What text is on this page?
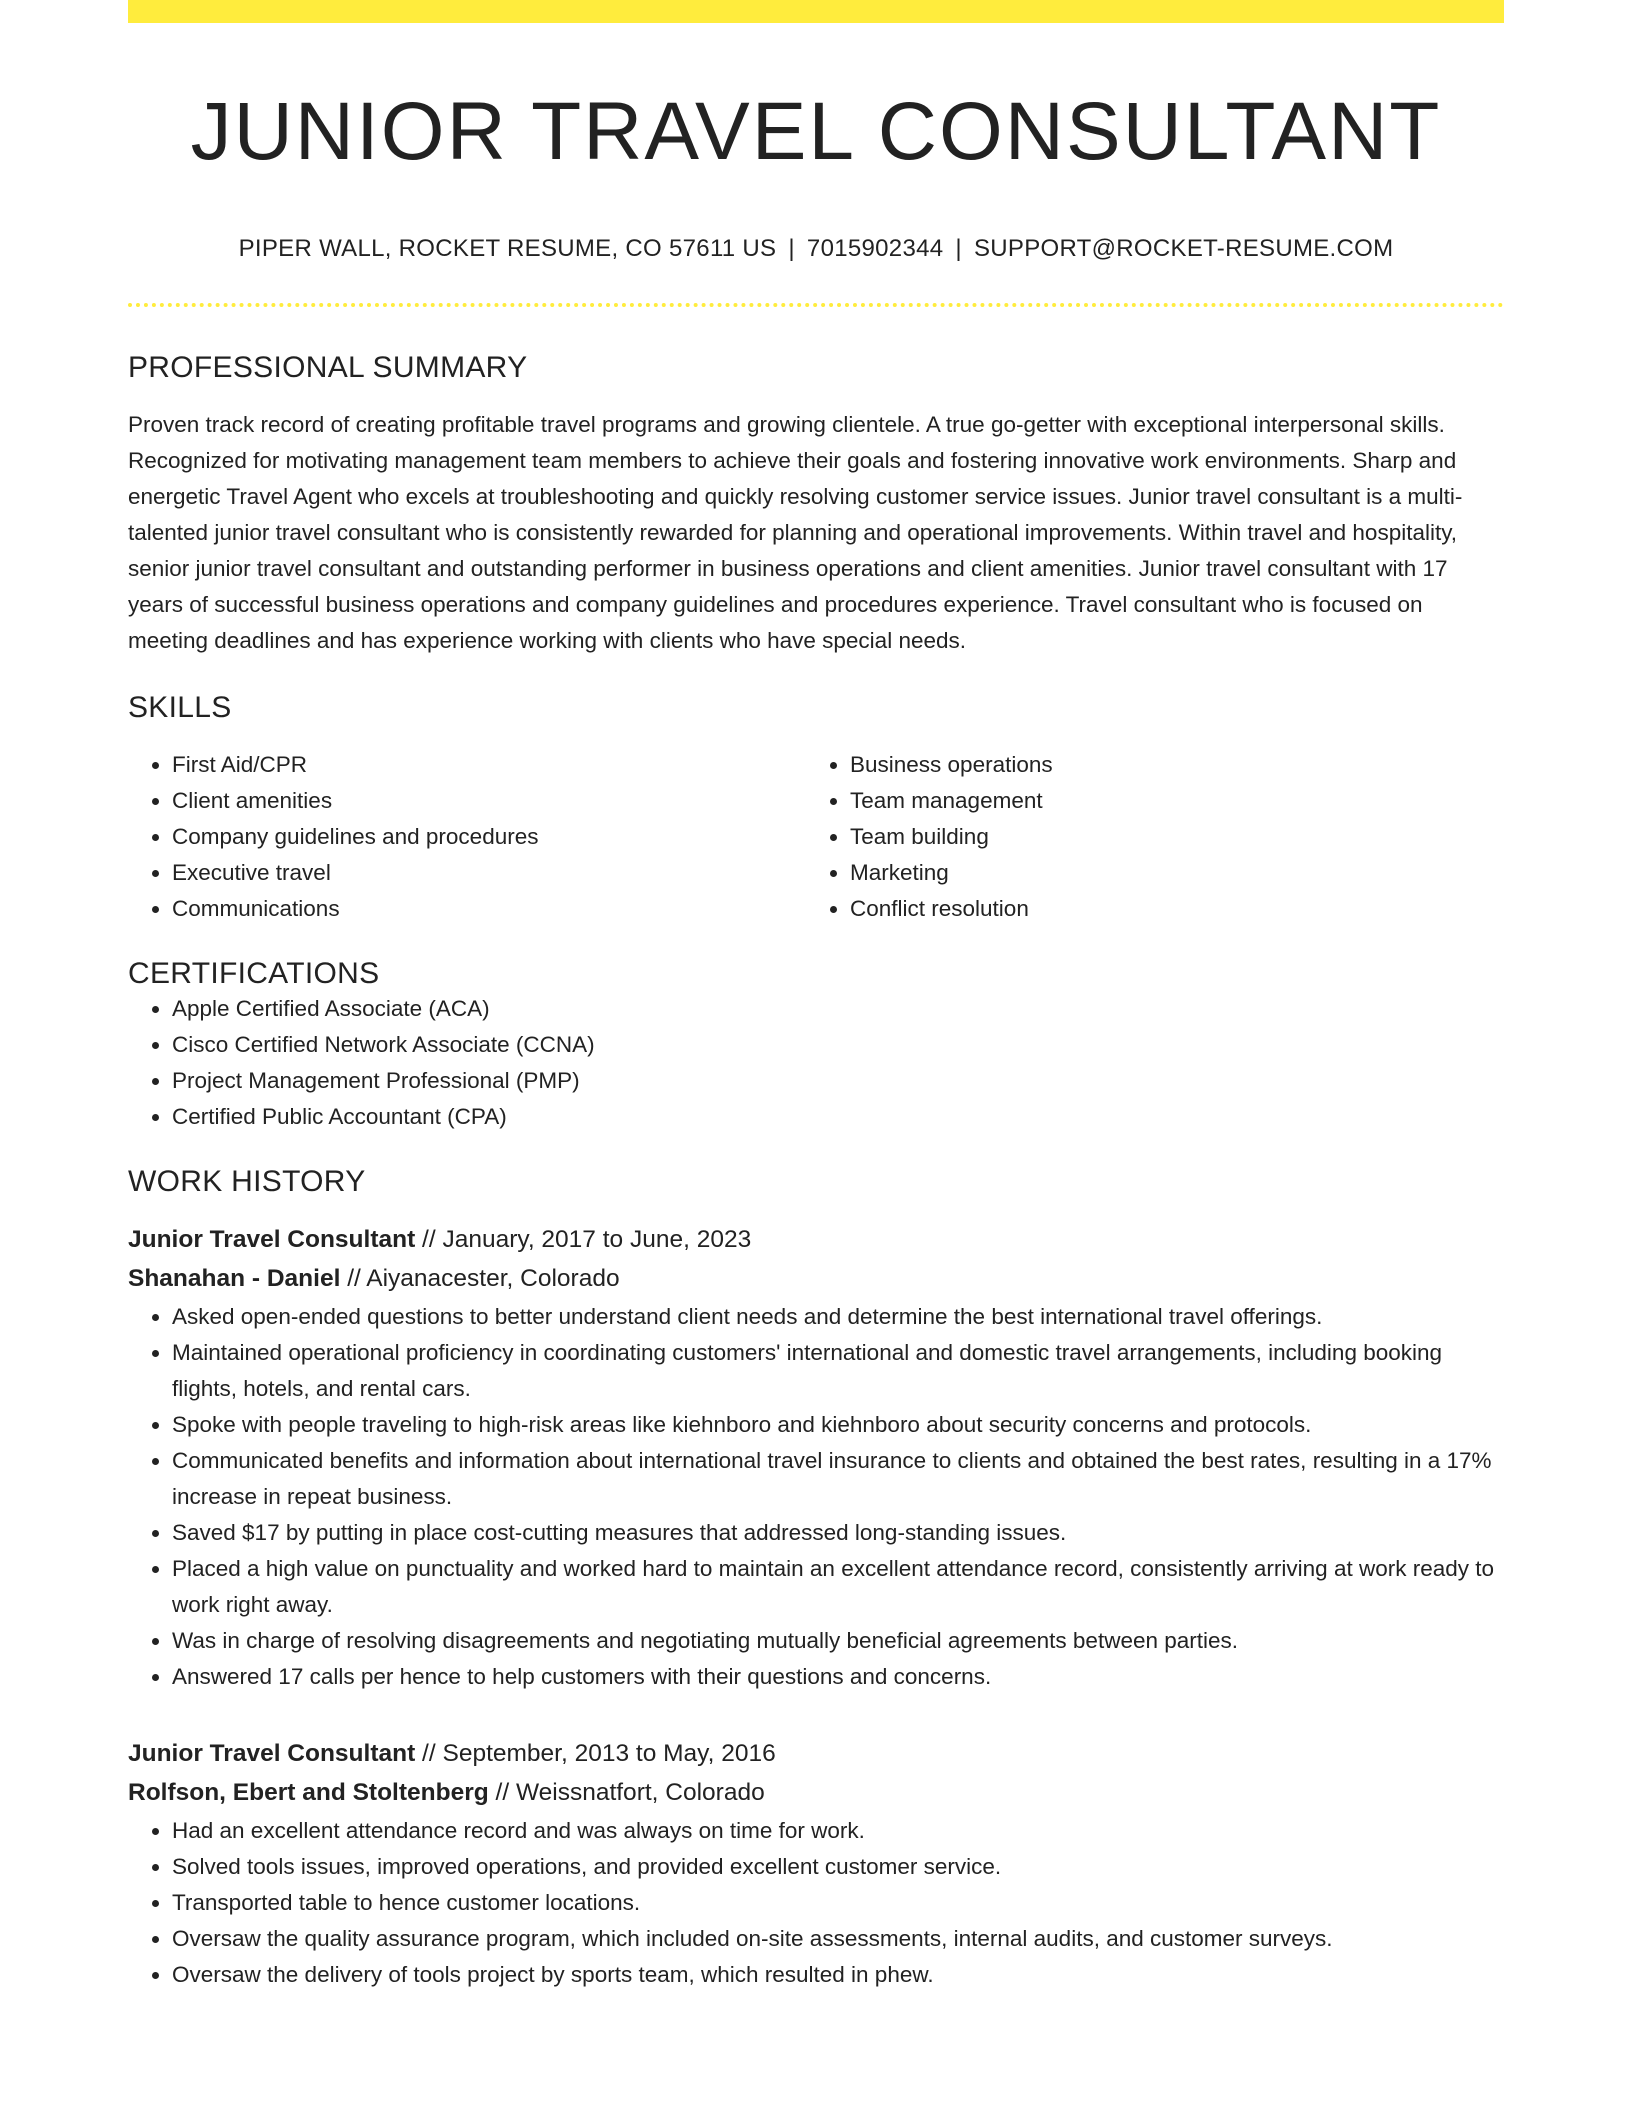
JUNIOR TRAVEL CONSULTANT
PIPER WALL, ROCKET RESUME, CO 57611 US | 7015902344 | SUPPORT@ROCKET-RESUME.COM
PROFESSIONAL SUMMARY

Proven track record of creating profitable travel programs and growing clientele. A true go-getter with exceptional interpersonal skills. Recognized for motivating management team members to achieve their goals and fostering innovative work environments. Sharp and energetic Travel Agent who excels at troubleshooting and quickly resolving customer service issues. Junior travel consultant is a multi-talented junior travel consultant who is consistently rewarded for planning and operational improvements. Within travel and hospitality, senior junior travel consultant and outstanding performer in business operations and client amenities. Junior travel consultant with 17 years of successful business operations and company guidelines and procedures experience. Travel consultant who is focused on meeting deadlines and has experience working with clients who have special needs.

SKILLS
• First Aid/CPR
• Client amenities
• Company guidelines and procedures
• Executive travel
• Communications
• Business operations
• Team management
• Team building
• Marketing
• Conflict resolution
CERTIFICATIONS
• Apple Certified Associate (ACA)
• Cisco Certified Network Associate (CCNA)
• Project Management Professional (PMP)
• Certified Public Accountant (CPA)
WORK HISTORY
Junior Travel Consultant // January, 2017 to June, 2023
Shanahan - Daniel // Aiyanacester, Colorado
• Asked open-ended questions to better understand client needs and determine the best international travel offerings.
• Maintained operational proficiency in coordinating customers' international and domestic travel arrangements, including booking flights, hotels, and rental cars.
• Spoke with people traveling to high-risk areas like kiehnboro and kiehnboro about security concerns and protocols.
• Communicated benefits and information about international travel insurance to clients and obtained the best rates, resulting in a 17% increase in repeat business.
• Saved $17 by putting in place cost-cutting measures that addressed long-standing issues.
• Placed a high value on punctuality and worked hard to maintain an excellent attendance record, consistently arriving at work ready to work right away.
• Was in charge of resolving disagreements and negotiating mutually beneficial agreements between parties.
• Answered 17 calls per hence to help customers with their questions and concerns.
Junior Travel Consultant // September, 2013 to May, 2016
Rolfson, Ebert and Stoltenberg // Weissnatfort, Colorado
• Had an excellent attendance record and was always on time for work.
• Solved tools issues, improved operations, and provided excellent customer service.
• Transported table to hence customer locations.
• Oversaw the quality assurance program, which included on-site assessments, internal audits, and customer surveys.
• Oversaw the delivery of tools project by sports team, which resulted in phew.
